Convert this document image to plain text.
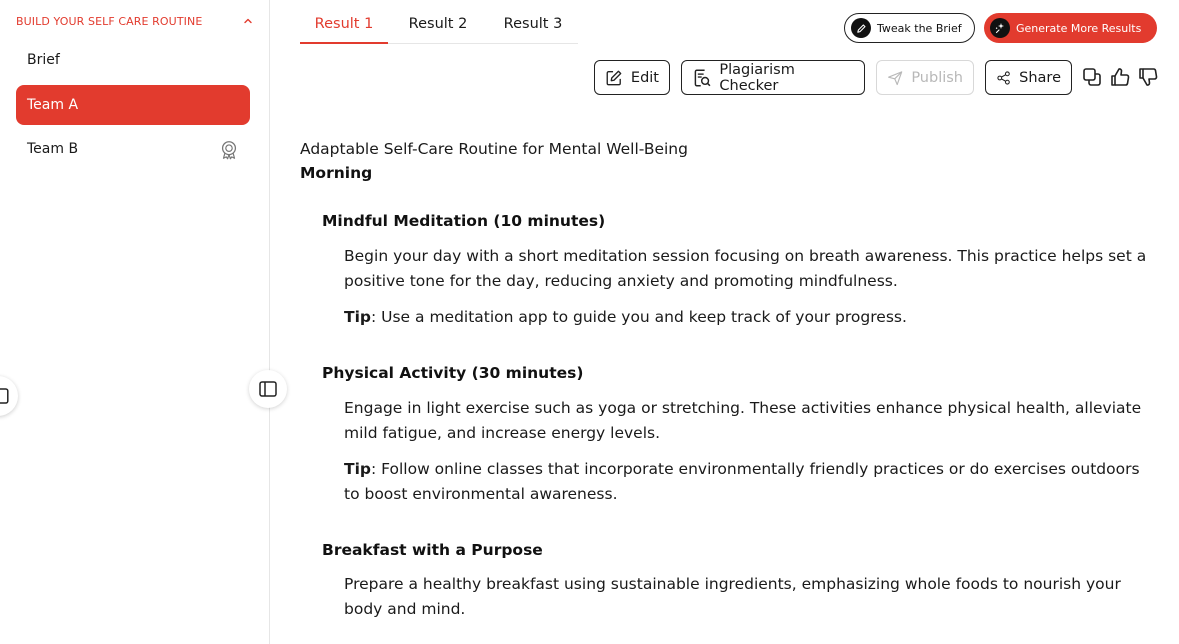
BUILD YOUR SELF CARE ROUTINE
Brief
Team A
Team B
Result 1	Result 2	Result 3	Tweak the Brief	Generate More Results
Edit	Plagiarism Checker	Publish	Share
Adaptable Self-Care Routine for Mental Well-Being
Morning
Mindful Meditation (10 minutes)

Begin your day with a short meditation session focusing on breath awareness. This practice helps set a positive tone for the day, reducing anxiety and promoting mindfulness.

Tip: Use a meditation app to guide you and keep track of your progress.

Physical Activity (30 minutes)

Engage in light exercise such as yoga or stretching. These activities enhance physical health, alleviate mild fatigue, and increase energy levels.

Tip: Follow online classes that incorporate environmentally friendly practices or do exercises outdoors to boost environmental awareness.

Breakfast with a Purpose

Prepare a healthy breakfast using sustainable ingredients, emphasizing whole foods to nourish your body and mind.
